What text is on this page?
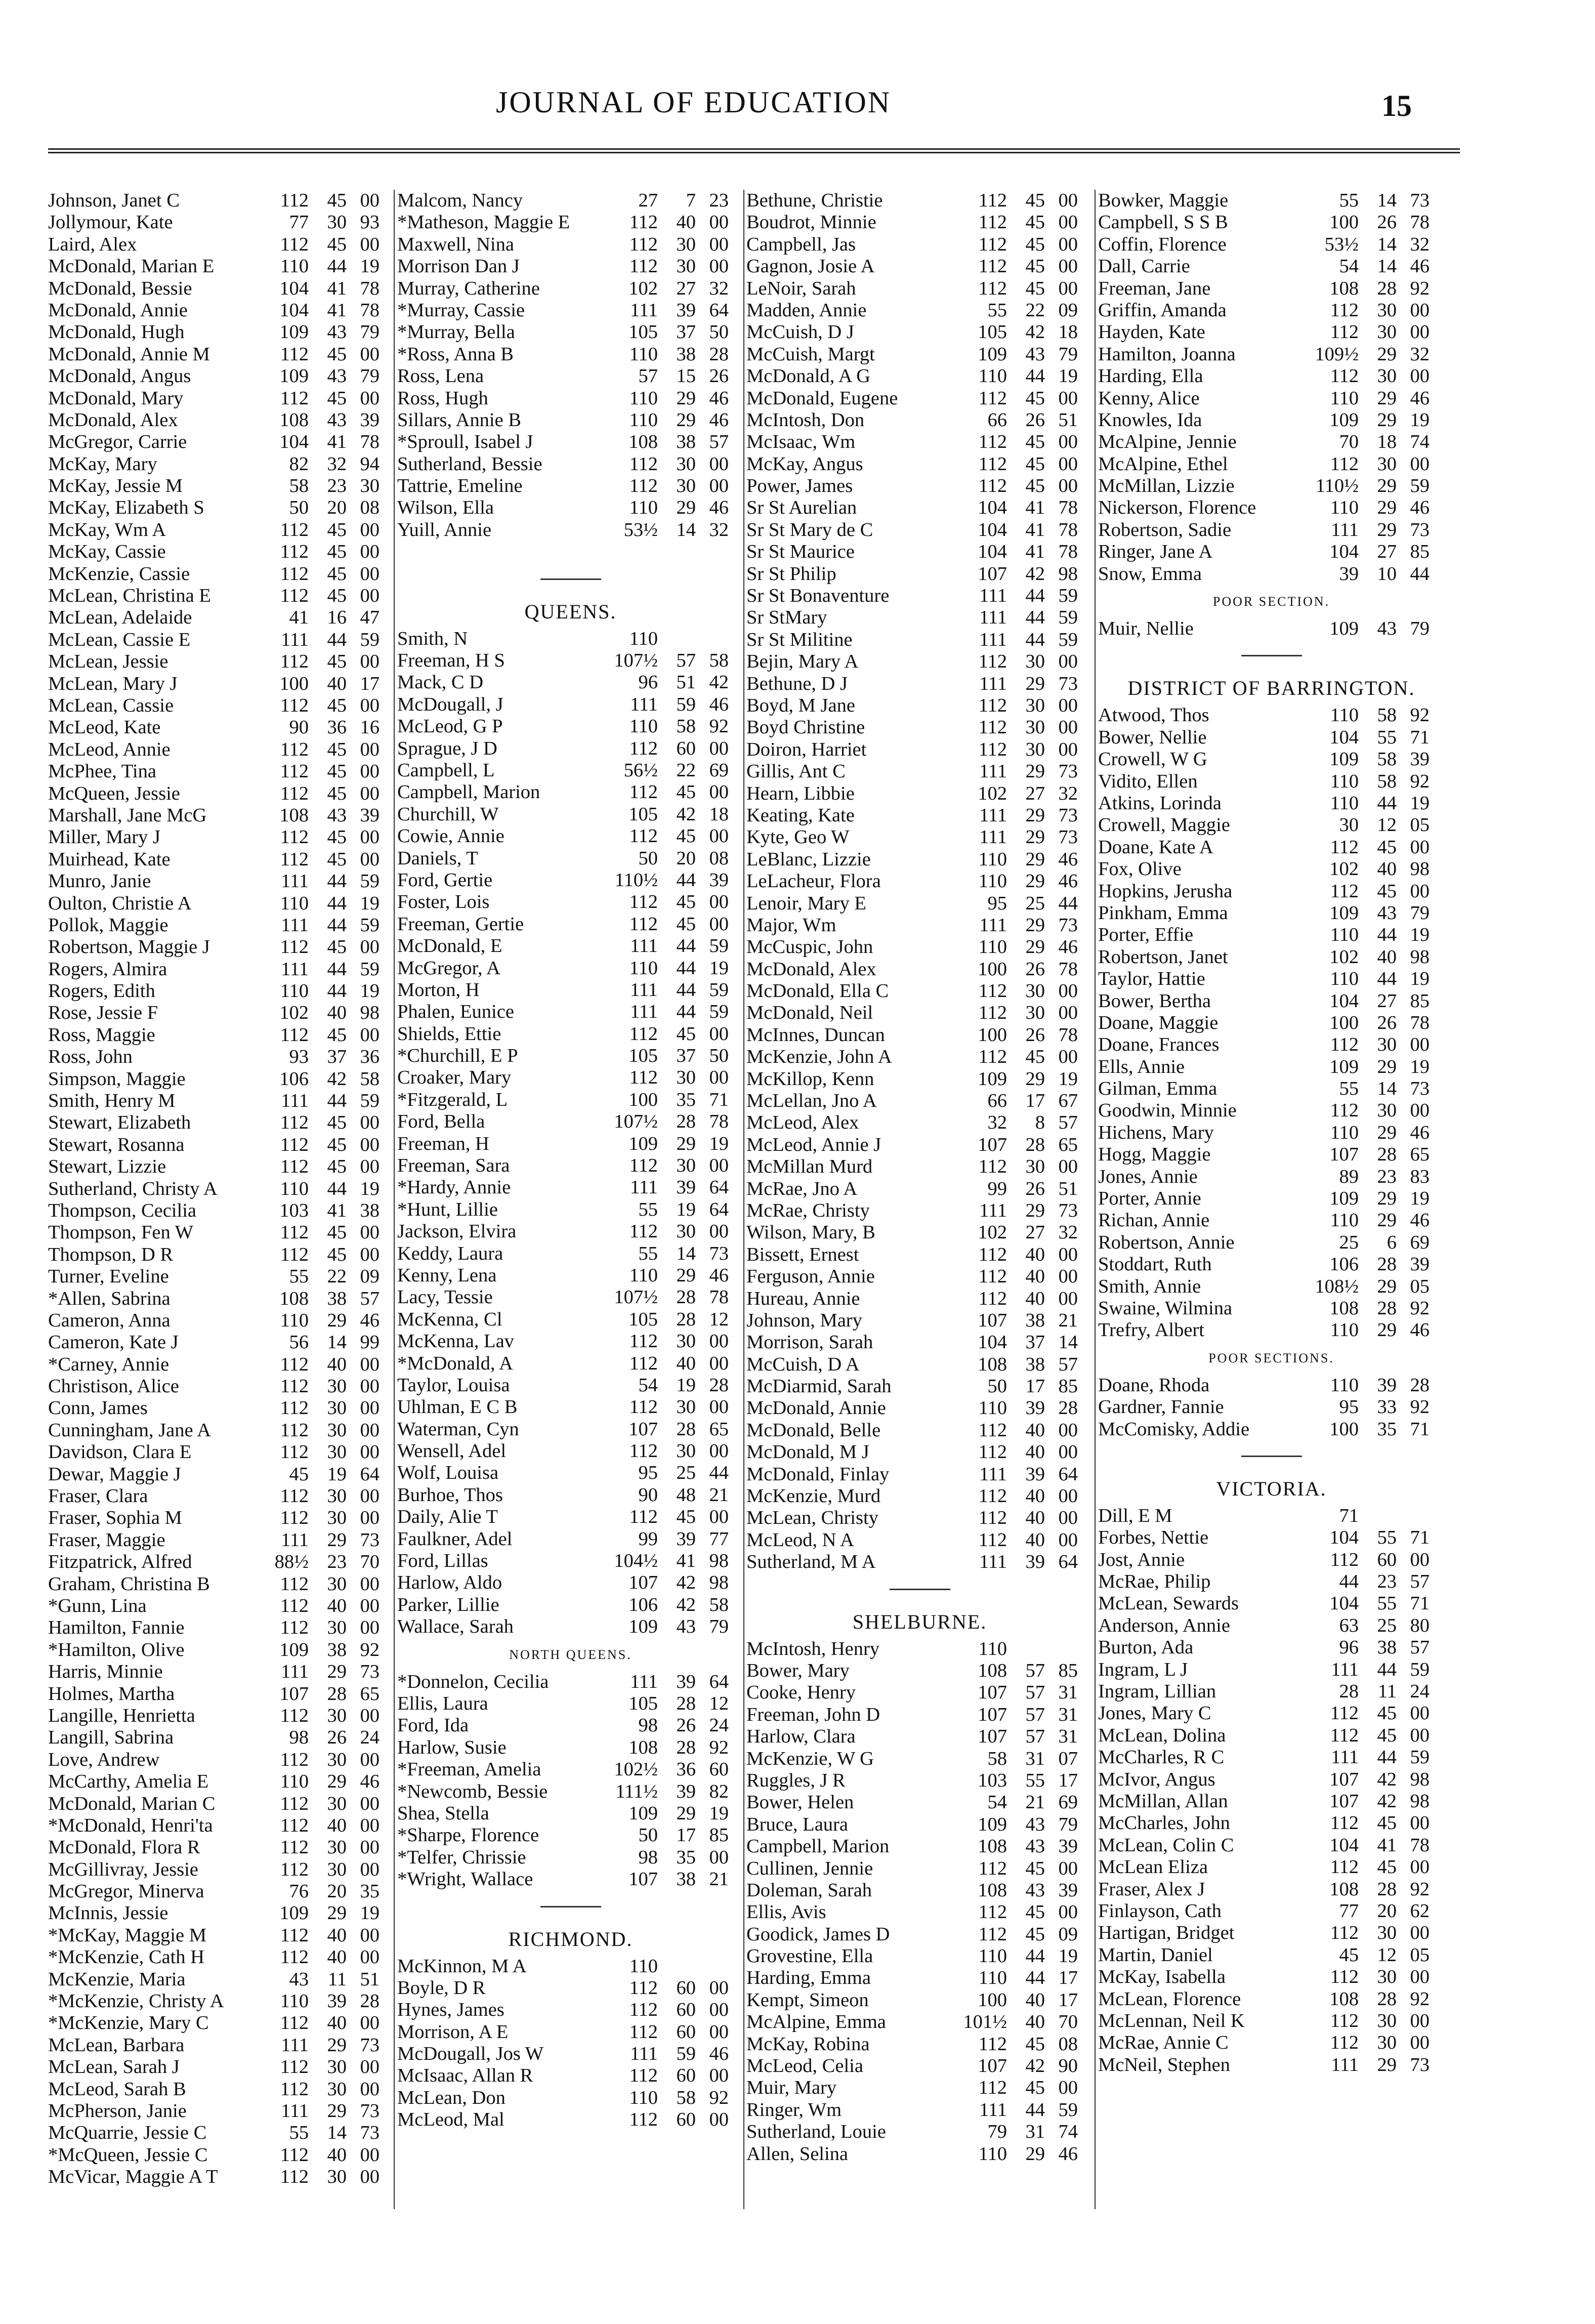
JOURNAL OF EDUCATION	15
Johnson, Janet C	112 45 00
Jollymour, Kate	77 30 93
Laird, Alex	112 45 00
McDonald, Marian E	110 44 19
McDonald, Bessie	104 41 78
McDonald, Annie	104 41 78
McDonald, Hugh	109 43 79
McDonald, Annie M	112 45 00
McDonald, Angus	109 43 79
McDonald, Mary	112 45 00
McDonald, Alex	108 43 39
McGregor, Carrie	104 41 78
McKay, Mary	82 32 94
McKay, Jessie M	58 23 30
McKay, Elizabeth S	50 20 08
McKay, Wm A	112 45 00
McKay, Cassie	112 45 00
McKenzie, Cassie	112 45 00
McLean, Christina E	112 45 00
McLean, Adelaide	41 16 47
McLean, Cassie E	111 44 59
McLean, Jessie	112 45 00
McLean, Mary J	100 40 17
McLean, Cassie	112 45 00
McLeod, Kate	90 36 16
McLeod, Annie	112 45 00
McPhee, Tina	112 45 00
McQueen, Jessie	112 45 00
Marshall, Jane McG	108 43 39
Miller, Mary J	112 45 00
Muirhead, Kate	112 45 00
Munro, Janie	111 44 59
Oulton, Christie A	110 44 19
Pollok, Maggie	111 44 59
Robertson, Maggie J	112 45 00
Rogers, Almira	111 44 59
Rogers, Edith	110 44 19
Rose, Jessie F	102 40 98
Ross, Maggie	112 45 00
Ross, John	93 37 36
Simpson, Maggie	106 42 58
Smith, Henry M	111 44 59
Stewart, Elizabeth	112 45 00
Stewart, Rosanna	112 45 00
Stewart, Lizzie	112 45 00
Sutherland, Christy A	110 44 19
Thompson, Cecilia	103 41 38
Thompson, Fen W	112 45 00
Thompson, D R	112 45 00
Turner, Eveline	55 22 09
*Allen, Sabrina	108 38 57
Cameron, Anna	110 29 46
Cameron, Kate J	56 14 99
*Carney, Annie	112 40 00
Christison, Alice	112 30 00
Conn, James	112 30 00
Cunningham, Jane A	112 30 00
Davidson, Clara E	112 30 00
Dewar, Maggie J	45 19 64
Fraser, Clara	112 30 00
Fraser, Sophia M	112 30 00
Fraser, Maggie	111 29 73
Fitzpatrick, Alfred	88½ 23 70
Graham, Christina B	112 30 00
*Gunn, Lina	112 40 00
Hamilton, Fannie	112 30 00
*Hamilton, Olive	109 38 92
Harris, Minnie	111 29 73
Holmes, Martha	107 28 65
Langille, Henrietta	112 30 00
Langill, Sabrina	98 26 24
Love, Andrew	112 30 00
McCarthy, Amelia E	110 29 46
McDonald, Marian C	112 30 00
*McDonald, Henri'ta	112 40 00
McDonald, Flora R	112 30 00
McGillivray, Jessie	112 30 00
McGregor, Minerva	76 20 35
McInnis, Jessie	109 29 19
*McKay, Maggie M	112 40 00
*McKenzie, Cath H	112 40 00
McKenzie, Maria	43 11 51
*McKenzie, Christy A	110 39 28
*McKenzie, Mary C	112 40 00
McLean, Barbara	111 29 73
McLean, Sarah J	112 30 00
McLeod, Sarah B	112 30 00
McPherson, Janie	111 29 73
McQuarrie, Jessie C	55 14 73
*McQueen, Jessie C	112 40 00
McVicar, Maggie A T	112 30 00
Malcom, Nancy	27 7 23
*Matheson, Maggie E	112 40 00
Maxwell, Nina	112 30 00
Morrison Dan J	112 30 00
Murray, Catherine	102 27 32
*Murray, Cassie	111 39 64
*Murray, Bella	105 37 50
*Ross, Anna B	110 38 28
Ross, Lena	57 15 26
Ross, Hugh	110 29 46
Sillars, Annie B	110 29 46
*Sproull, Isabel J	108 38 57
Sutherland, Bessie	112 30 00
Tattrie, Emeline	112 30 00
Wilson, Ella	110 29 46
Yuill, Annie	53½ 14 32
QUEENS.
Smith, N	110
Freeman, H S	107½ 57 58
Mack, C D	96 51 42
McDougall, J	111 59 46
McLeod, G P	110 58 92
Sprague, J D	112 60 00
Campbell, L	56½ 22 69
Campbell, Marion	112 45 00
Churchill, W	105 42 18
Cowie, Annie	112 45 00
Daniels, T	50 20 08
Ford, Gertie	110½ 44 39
Foster, Lois	112 45 00
Freeman, Gertie	112 45 00
McDonald, E	111 44 59
McGregor, A	110 44 19
Morton, H	111 44 59
Phalen, Eunice	111 44 59
Shields, Ettie	112 45 00
*Churchill, E P	105 37 50
Croaker, Mary	112 30 00
*Fitzgerald, L	100 35 71
Ford, Bella	107½ 28 78
Freeman, H	109 29 19
Freeman, Sara	112 30 00
*Hardy, Annie	111 39 64
*Hunt, Lillie	55 19 64
Jackson, Elvira	112 30 00
Keddy, Laura	55 14 73
Kenny, Lena	110 29 46
Lacy, Tessie	107½ 28 78
McKenna, Cl	105 28 12
McKenna, Lav	112 30 00
*McDonald, A	112 40 00
Taylor, Louisa	54 19 28
Uhlman, E C B	112 30 00
Waterman, Cyn	107 28 65
Wensell, Adel	112 30 00
Wolf, Louisa	95 25 44
Burhoe, Thos	90 48 21
Daily, Alie T	112 45 00
Faulkner, Adel	99 39 77
Ford, Lillas	104½ 41 98
Harlow, Aldo	107 42 98
Parker, Lillie	106 42 58
Wallace, Sarah	109 43 79
NORTH QUEENS.
*Donnelon, Cecilia	111 39 64
Ellis, Laura	105 28 12
Ford, Ida	98 26 24
Harlow, Susie	108 28 92
*Freeman, Amelia	102½ 36 60
*Newcomb, Bessie	111½ 39 82
Shea, Stella	109 29 19
*Sharpe, Florence	50 17 85
*Telfer, Chrissie	98 35 00
*Wright, Wallace	107 38 21
RICHMOND.
McKinnon, M A	110
Boyle, D R	112 60 00
Hynes, James	112 60 00
Morrison, A E	112 60 00
McDougall, Jos W	111 59 46
McIsaac, Allan R	112 60 00
McLean, Don	110 58 92
McLeod, Mal	112 60 00
Bethune, Christie	112 45 00
Boudrot, Minnie	112 45 00
Campbell, Jas	112 45 00
Gagnon, Josie A	112 45 00
LeNoir, Sarah	112 45 00
Madden, Annie	55 22 09
McCuish, D J	105 42 18
McCuish, Margt	109 43 79
McDonald, A G	110 44 19
McDonald, Eugene	112 45 00
McIntosh, Don	66 26 51
McIsaac, Wm	112 45 00
McKay, Angus	112 45 00
Power, James	112 45 00
Sr St Aurelian	104 41 78
Sr St Mary de C	104 41 78
Sr St Maurice	104 41 78
Sr St Philip	107 42 98
Sr St Bonaventure	111 44 59
Sr StMary	111 44 59
Sr St Militine	111 44 59
Bejin, Mary A	112 30 00
Bethune, D J	111 29 73
Boyd, M Jane	112 30 00
Boyd Christine	112 30 00
Doiron, Harriet	112 30 00
Gillis, Ant C	111 29 73
Hearn, Libbie	102 27 32
Keating, Kate	111 29 73
Kyte, Geo W	111 29 73
LeBlanc, Lizzie	110 29 46
LeLacheur, Flora	110 29 46
Lenoir, Mary E	95 25 44
Major, Wm	111 29 73
McCuspic, John	110 29 46
McDonald, Alex	100 26 78
McDonald, Ella C	112 30 00
McDonald, Neil	112 30 00
McInnes, Duncan	100 26 78
McKenzie, John A	112 45 00
McKillop, Kenn	109 29 19
McLellan, Jno A	66 17 67
McLeod, Alex	32 8 57
McLeod, Annie J	107 28 65
McMillan Murd	112 30 00
McRae, Jno A	99 26 51
McRae, Christy	111 29 73
Wilson, Mary, B	102 27 32
Bissett, Ernest	112 40 00
Ferguson, Annie	112 40 00
Hureau, Annie	112 40 00
Johnson, Mary	107 38 21
Morrison, Sarah	104 37 14
McCuish, D A	108 38 57
McDiarmid, Sarah	50 17 85
McDonald, Annie	110 39 28
McDonald, Belle	112 40 00
McDonald, M J	112 40 00
McDonald, Finlay	111 39 64
McKenzie, Murd	112 40 00
McLean, Christy	112 40 00
McLeod, N A	112 40 00
Sutherland, M A	111 39 64
SHELBURNE.
McIntosh, Henry	110
Bower, Mary	108 57 85
Cooke, Henry	107 57 31
Freeman, John D	107 57 31
Harlow, Clara	107 57 31
McKenzie, W G	58 31 07
Ruggles, J R	103 55 17
Bower, Helen	54 21 69
Bruce, Laura	109 43 79
Campbell, Marion	108 43 39
Cullinen, Jennie	112 45 00
Doleman, Sarah	108 43 39
Ellis, Avis	112 45 00
Goodick, James D	112 45 09
Grovestine, Ella	110 44 19
Harding, Emma	110 44 17
Kempt, Simeon	100 40 17
McAlpine, Emma	101½ 40 70
McKay, Robina	112 45 08
McLeod, Celia	107 42 90
Muir, Mary	112 45 00
Ringer, Wm	111 44 59
Sutherland, Louie	79 31 74
Allen, Selina	110 29 46
Bowker, Maggie	55 14 73
Campbell, S S B	100 26 78
Coffin, Florence	53½ 14 32
Dall, Carrie	54 14 46
Freeman, Jane	108 28 92
Griffin, Amanda	112 30 00
Hayden, Kate	112 30 00
Hamilton, Joanna	109½ 29 32
Harding, Ella	112 30 00
Kenny, Alice	110 29 46
Knowles, Ida	109 29 19
McAlpine, Jennie	70 18 74
McAlpine, Ethel	112 30 00
McMillan, Lizzie	110½ 29 59
Nickerson, Florence	110 29 46
Robertson, Sadie	111 29 73
Ringer, Jane A	104 27 85
Snow, Emma	39 10 44
POOR SECTION.
Muir, Nellie	109 43 79
DISTRICT OF BARRINGTON.
Atwood, Thos	110 58 92
Bower, Nellie	104 55 71
Crowell, W G	109 58 39
Vidito, Ellen	110 58 92
Atkins, Lorinda	110 44 19
Crowell, Maggie	30 12 05
Doane, Kate A	112 45 00
Fox, Olive	102 40 98
Hopkins, Jerusha	112 45 00
Pinkham, Emma	109 43 79
Porter, Effie	110 44 19
Robertson, Janet	102 40 98
Taylor, Hattie	110 44 19
Bower, Bertha	104 27 85
Doane, Maggie	100 26 78
Doane, Frances	112 30 00
Ells, Annie	109 29 19
Gilman, Emma	55 14 73
Goodwin, Minnie	112 30 00
Hichens, Mary	110 29 46
Hogg, Maggie	107 28 65
Jones, Annie	89 23 83
Porter, Annie	109 29 19
Richan, Annie	110 29 46
Robertson, Annie	25 6 69
Stoddart, Ruth	106 28 39
Smith, Annie	108½ 29 05
Swaine, Wilmina	108 28 92
Trefry, Albert	110 29 46
POOR SECTIONS.
Doane, Rhoda	110 39 28
Gardner, Fannie	95 33 92
McComisky, Addie	100 35 71
VICTORIA.
Dill, E M	71
Forbes, Nettie	104 55 71
Jost, Annie	112 60 00
McRae, Philip	44 23 57
McLean, Sewards	104 55 71
Anderson, Annie	63 25 80
Burton, Ada	96 38 57
Ingram, L J	111 44 59
Ingram, Lillian	28 11 24
Jones, Mary C	112 45 00
McLean, Dolina	112 45 00
McCharles, R C	111 44 59
McIvor, Angus	107 42 98
McMillan, Allan	107 42 98
McCharles, John	112 45 00
McLean, Colin C	104 41 78
McLean Eliza	112 45 00
Fraser, Alex J	108 28 92
Finlayson, Cath	77 20 62
Hartigan, Bridget	112 30 00
Martin, Daniel	45 12 05
McKay, Isabella	112 30 00
McLean, Florence	108 28 92
McLennan, Neil K	112 30 00
McRae, Annie C	112 30 00
McNeil, Stephen	111 29 73
